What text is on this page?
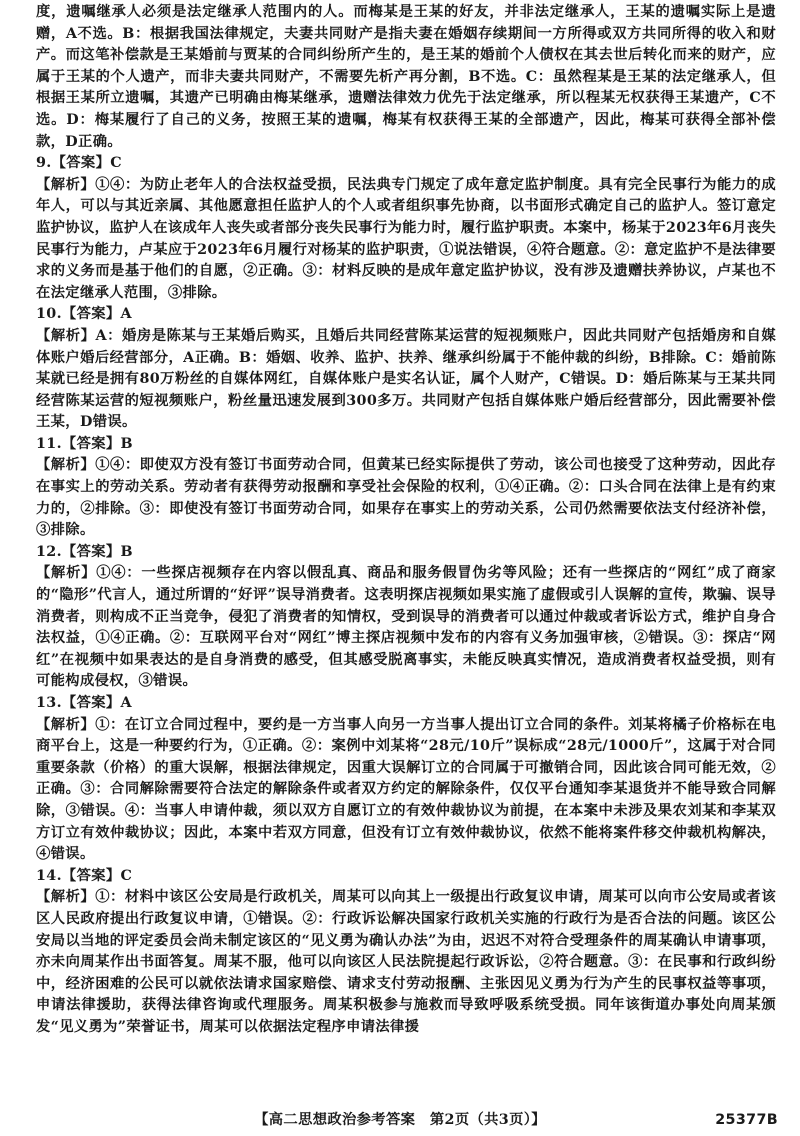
度，遗嘱继承人必须是法定继承人范围内的人。而梅某是王某的好友，并非法定继承人，王某的遗嘱实际上是遗赠，A不选。B：根据我国法律规定，夫妻共同财产是指夫妻在婚姻存续期间一方所得或双方共同所得的收入和财产。而这笔补偿款是王某婚前与贾某的合同纠纷所产生的，是王某的婚前个人债权在其去世后转化而来的财产，应属于王某的个人遗产，而非夫妻共同财产，不需要先析产再分割，B不选。C：虽然程某是王某的法定继承人，但根据王某所立遗嘱，其遗产已明确由梅某继承，遗赠法律效力优先于法定继承，所以程某无权获得王某遗产，C不选。D：梅某履行了自己的义务，按照王某的遗嘱，梅某有权获得王某的全部遗产，因此，梅某可获得全部补偿款，D正确。

9.【答案】C

【解析】①④：为防止老年人的合法权益受损，民法典专门规定了成年意定监护制度。具有完全民事行为能力的成年人，可以与其近亲属、其他愿意担任监护人的个人或者组织事先协商，以书面形式确定自己的监护人。签订意定监护协议，监护人在该成年人丧失或者部分丧失民事行为能力时，履行监护职责。本案中，杨某于2023年6月丧失民事行为能力，卢某应于2023年6月履行对杨某的监护职责，①说法错误，④符合题意。②：意定监护不是法律要求的义务而是基于他们的自愿，②正确。③：材料反映的是成年意定监护协议，没有涉及遗赠扶养协议，卢某也不在法定继承人范围，③排除。

10.【答案】A

【解析】A：婚房是陈某与王某婚后购买，且婚后共同经营陈某运营的短视频账户，因此共同财产包括婚房和自媒体账户婚后经营部分，A正确。B：婚姻、收养、监护、扶养、继承纠纷属于不能仲裁的纠纷，B排除。C：婚前陈某就已经是拥有80万粉丝的自媒体网红，自媒体账户是实名认证，属个人财产，C错误。D：婚后陈某与王某共同经营陈某运营的短视频账户，粉丝量迅速发展到300多万。共同财产包括自媒体账户婚后经营部分，因此需要补偿王某，D错误。

11.【答案】B

【解析】①④：即使双方没有签订书面劳动合同，但黄某已经实际提供了劳动，该公司也接受了这种劳动，因此存在事实上的劳动关系。劳动者有获得劳动报酬和享受社会保险的权利，①④正确。②：口头合同在法律上是有约束力的，②排除。③：即使没有签订书面劳动合同，如果存在事实上的劳动关系，公司仍然需要依法支付经济补偿，③排除。

12.【答案】B

【解析】①④：一些探店视频存在内容以假乱真、商品和服务假冒伪劣等风险；还有一些探店的“网红”成了商家的“隐形”代言人，通过所谓的“好评”误导消费者。这表明探店视频如果实施了虚假或引人误解的宣传，欺骗、误导消费者，则构成不正当竞争，侵犯了消费者的知情权，受到误导的消费者可以通过仲裁或者诉讼方式，维护自身合法权益，①④正确。②：互联网平台对“网红”博主探店视频中发布的内容有义务加强审核，②错误。③：探店“网红”在视频中如果表达的是自身消费的感受，但其感受脱离事实，未能反映真实情况，造成消费者权益受损，则有可能构成侵权，③错误。

13.【答案】A

【解析】①：在订立合同过程中，要约是一方当事人向另一方当事人提出订立合同的条件。刘某将橘子价格标在电商平台上，这是一种要约行为，①正确。②：案例中刘某将“28元/10斤”误标成“28元/1000斤”，这属于对合同重要条款（价格）的重大误解，根据法律规定，因重大误解订立的合同属于可撤销合同，因此该合同可能无效，②正确。③：合同解除需要符合法定的解除条件或者双方约定的解除条件，仅仅平台通知李某退货并不能导致合同解除，③错误。④：当事人申请仲裁，须以双方自愿订立的有效仲裁协议为前提，在本案中未涉及果农刘某和李某双方订立有效仲裁协议；因此，本案中若双方同意，但没有订立有效仲裁协议，依然不能将案件移交仲裁机构解决，④错误。

14.【答案】C

【解析】①：材料中该区公安局是行政机关，周某可以向其上一级提出行政复议申请，周某可以向市公安局或者该区人民政府提出行政复议申请，①错误。②：行政诉讼解决国家行政机关实施的行政行为是否合法的问题。该区公安局以当地的评定委员会尚未制定该区的“见义勇为确认办法”为由，迟迟不对符合受理条件的周某确认申请事项，亦未向周某作出书面答复。周某不服，他可以向该区人民法院提起行政诉讼，②符合题意。③：在民事和行政纠纷中，经济困难的公民可以就依法请求国家赔偿、请求支付劳动报酬、主张因见义勇为行为产生的民事权益等事项，申请法律援助，获得法律咨询或代理服务。周某积极参与施救而导致呼吸系统受损。同年该街道办事处向周某颁发“见义勇为”荣誉证书，周某可以依据法定程序申请法律援

【高二思想政治参考答案　第2页（共3页）】	25377B
